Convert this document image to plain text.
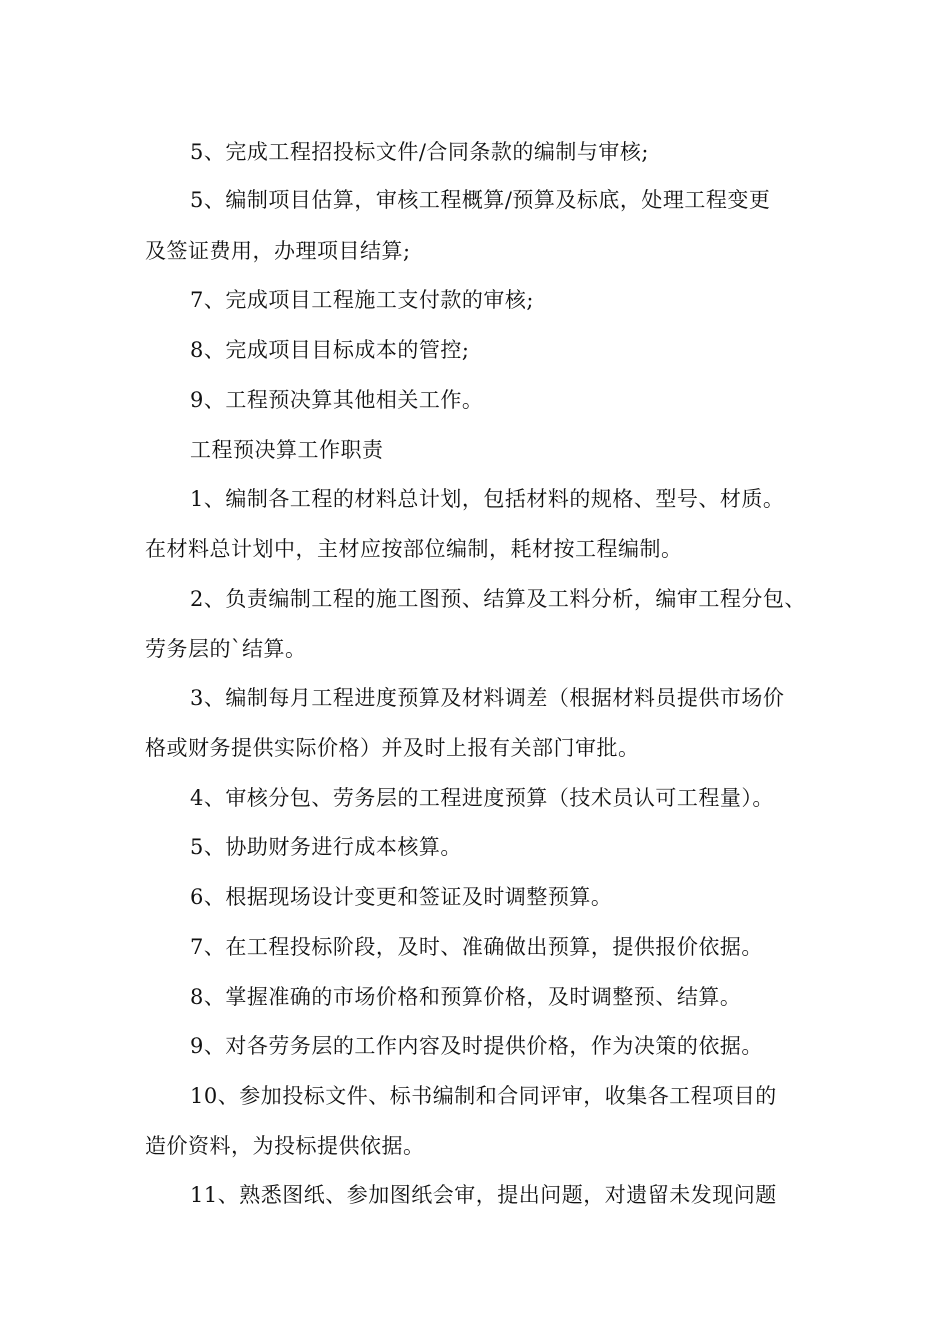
5、完成工程招投标文件/合同条款的编制与审核;
5、编制项目估算，审核工程概算/预算及标底，处理工程变更
及签证费用，办理项目结算;
7、完成项目工程施工支付款的审核;
8、完成项目目标成本的管控;
9、工程预决算其他相关工作。
工程预决算工作职责
1、编制各工程的材料总计划，包括材料的规格、型号、材质。
在材料总计划中，主材应按部位编制，耗材按工程编制。
2、负责编制工程的施工图预、结算及工料分析，编审工程分包、
劳务层的`结算。
3、编制每月工程进度预算及材料调差（根据材料员提供市场价
格或财务提供实际价格）并及时上报有关部门审批。
4、审核分包、劳务层的工程进度预算（技术员认可工程量）。
5、协助财务进行成本核算。
6、根据现场设计变更和签证及时调整预算。
7、在工程投标阶段，及时、准确做出预算，提供报价依据。
8、掌握准确的市场价格和预算价格，及时调整预、结算。
9、对各劳务层的工作内容及时提供价格，作为决策的依据。
10、参加投标文件、标书编制和合同评审，收集各工程项目的
造价资料，为投标提供依据。
11、熟悉图纸、参加图纸会审，提出问题，对遗留未发现问题
